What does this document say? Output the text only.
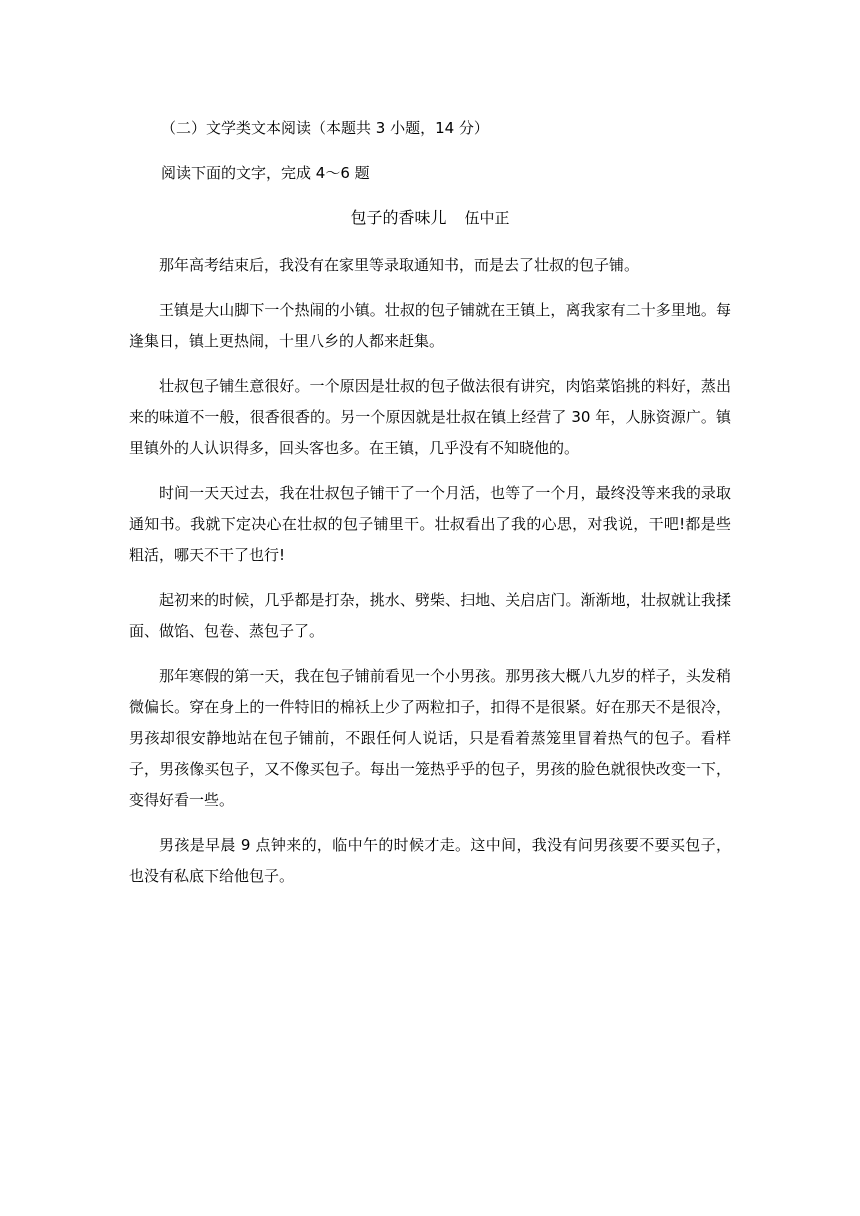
（二）文学类文本阅读（本题共 3 小题，14 分）
阅读下面的文字，完成 4～6 题
包子的香味儿 伍中正

那年高考结束后，我没有在家里等录取通知书，而是去了壮叔的包子铺。

王镇是大山脚下一个热闹的小镇。壮叔的包子铺就在王镇上，离我家有二十多里地。每逢集日，镇上更热闹，十里八乡的人都来赶集。

壮叔包子铺生意很好。一个原因是壮叔的包子做法很有讲究，肉馅菜馅挑的料好，蒸出来的味道不一般，很香很香的。另一个原因就是壮叔在镇上经营了 30 年，人脉资源广。镇里镇外的人认识得多，回头客也多。在王镇，几乎没有不知晓他的。

时间一天天过去，我在壮叔包子铺干了一个月活，也等了一个月，最终没等来我的录取通知书。我就下定决心在壮叔的包子铺里干。壮叔看出了我的心思，对我说，干吧!都是些粗活，哪天不干了也行!

起初来的时候，几乎都是打杂，挑水、劈柴、扫地、关启店门。渐渐地，壮叔就让我揉面、做馅、包卷、蒸包子了。

那年寒假的第一天，我在包子铺前看见一个小男孩。那男孩大概八九岁的样子，头发稍微偏长。穿在身上的一件特旧的棉袄上少了两粒扣子，扣得不是很紧。好在那天不是很冷，男孩却很安静地站在包子铺前，不跟任何人说话，只是看着蒸笼里冒着热气的包子。看样子，男孩像买包子，又不像买包子。每出一笼热乎乎的包子，男孩的脸色就很快改变一下，变得好看一些。

男孩是早晨 9 点钟来的，临中午的时候才走。这中间，我没有问男孩要不要买包子，也没有私底下给他包子。
